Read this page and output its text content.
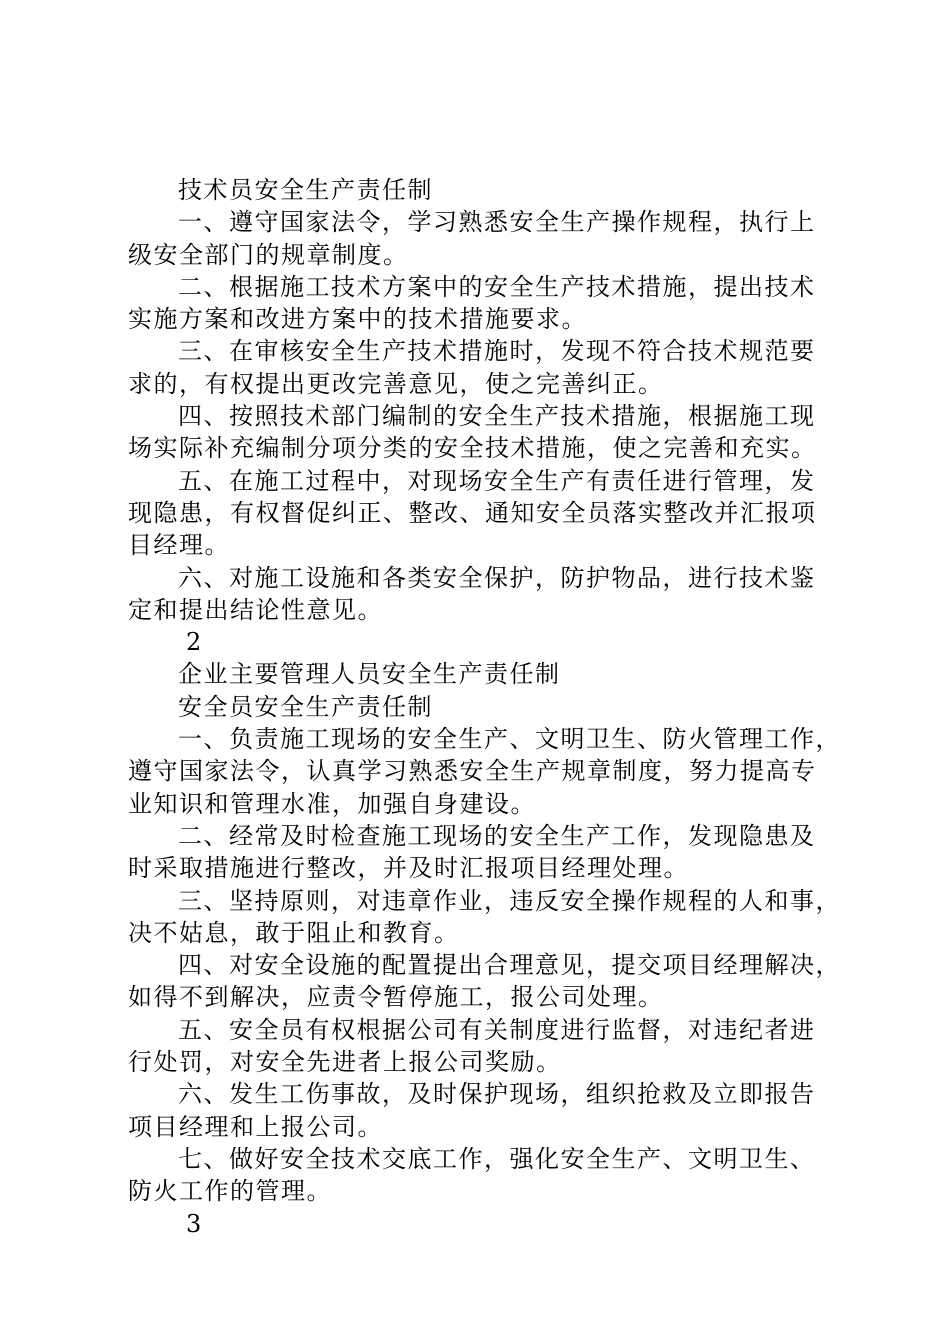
技术员安全生产责任制
一、遵守国家法令，学习熟悉安全生产操作规程，执行上
级安全部门的规章制度。
二、根据施工技术方案中的安全生产技术措施，提出技术
实施方案和改进方案中的技术措施要求。
三、在审核安全生产技术措施时，发现不符合技术规范要
求的，有权提出更改完善意见，使之完善纠正。
四、按照技术部门编制的安全生产技术措施，根据施工现
场实际补充编制分项分类的安全技术措施，使之完善和充实。
五、在施工过程中，对现场安全生产有责任进行管理，发
现隐患，有权督促纠正、整改、通知安全员落实整改并汇报项
目经理。
六、对施工设施和各类安全保护，防护物品，进行技术鉴
定和提出结论性意见。
2
企业主要管理人员安全生产责任制
安全员安全生产责任制
一、负责施工现场的安全生产、文明卫生、防火管理工作，
遵守国家法令，认真学习熟悉安全生产规章制度，努力提高专
业知识和管理水准，加强自身建设。
二、经常及时检查施工现场的安全生产工作，发现隐患及
时采取措施进行整改，并及时汇报项目经理处理。
三、坚持原则，对违章作业，违反安全操作规程的人和事，
决不姑息，敢于阻止和教育。
四、对安全设施的配置提出合理意见，提交项目经理解决，
如得不到解决，应责令暂停施工，报公司处理。
五、安全员有权根据公司有关制度进行监督，对违纪者进
行处罚，对安全先进者上报公司奖励。
六、发生工伤事故，及时保护现场，组织抢救及立即报告
项目经理和上报公司。
七、做好安全技术交底工作，强化安全生产、文明卫生、
防火工作的管理。
3
